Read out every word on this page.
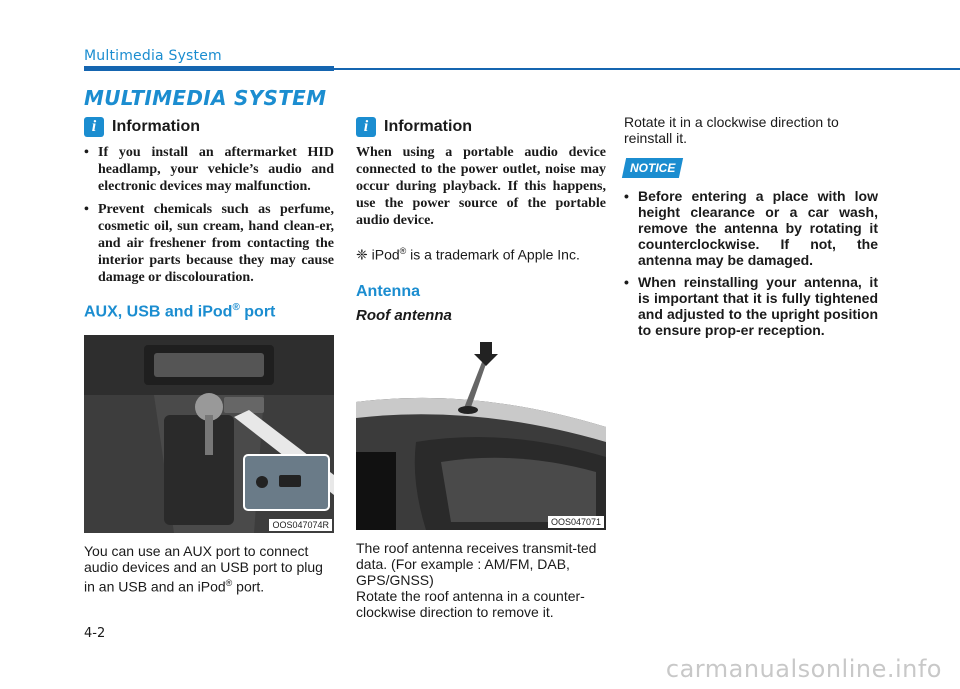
Multimedia System
MULTIMEDIA SYSTEM
i Information
• If you install an aftermarket HID headlamp, your vehicle’s audio and electronic devices may malfunction.
• Prevent chemicals such as perfume, cosmetic oil, sun cream, hand clean-er, and air freshener from contacting the interior parts because they may cause damage or discolouration.
AUX, USB and iPod® port
OOS047074R
You can use an AUX port to connect audio devices and an USB port to plug in an USB and an iPod® port.
i Information
When using a portable audio device connected to the power outlet, noise may occur during playback. If this happens, use the power source of the portable audio device.
❈ iPod® is a trademark of Apple Inc.
Antenna
Roof antenna
OOS047071
The roof antenna receives transmit-ted data. (For example : AM/FM, DAB, GPS/GNSS)
Rotate the roof antenna in a counter-clockwise direction to remove it.
Rotate it in a clockwise direction to reinstall it.
NOTICE
• Before entering a place with low height clearance or a car wash, remove the antenna by rotating it counterclockwise. If not, the antenna may be damaged.
• When reinstalling your antenna, it is important that it is fully tightened and adjusted to the upright position to ensure prop-er reception.
4-2
carmanualsonline.info
